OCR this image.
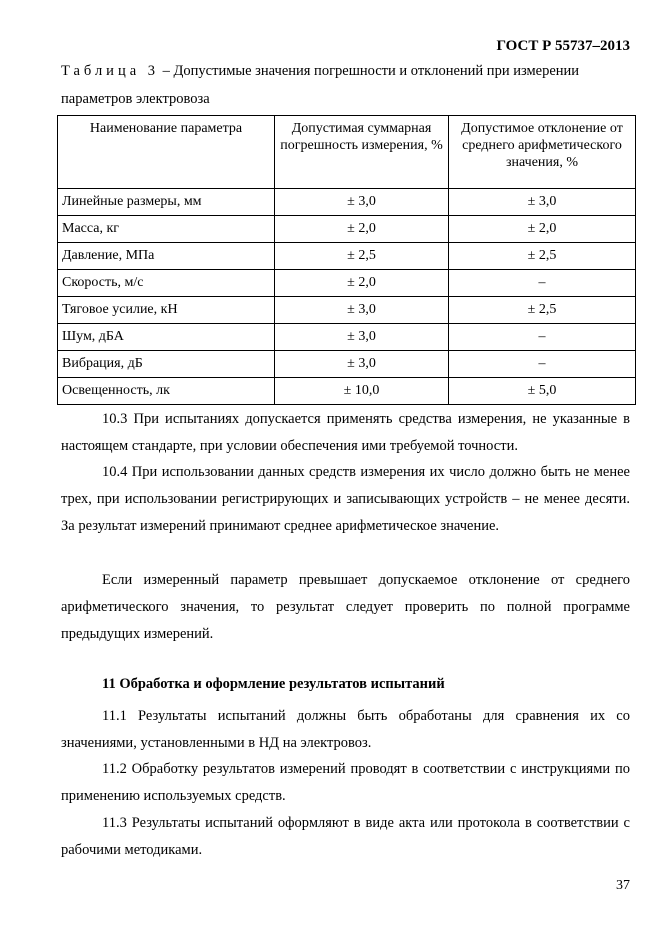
ГОСТ Р 55737–2013
Таблица 3 – Допустимые значения погрешности и отклонений при измерении
параметров электровоза
Наименование параметра	Допустимая суммарная погрешность измерения, %	Допустимое отклонение от среднего арифметического значения, %
Линейные размеры, мм	± 3,0	± 3,0
Масса, кг	± 2,0	± 2,0
Давление, МПа	± 2,5	± 2,5
Скорость, м/с	± 2,0	–
Тяговое усилие, кН	± 3,0	± 2,5
Шум, дБА	± 3,0	–
Вибрация, дБ	± 3,0	–
Освещенность, лк	± 10,0	± 5,0
10.3 При испытаниях допускается применять средства измерения, не указанные в настоящем стандарте, при условии обеспечения ими требуемой точности.
10.4 При использовании данных средств измерения их число должно быть не менее трех, при использовании регистрирующих и записывающих устройств – не менее десяти. За результат измерений принимают среднее арифметическое значение.
Если измеренный параметр превышает допускаемое отклонение от среднего арифметического значения, то результат следует проверить по полной программе предыдущих измерений.
11 Обработка и оформление результатов испытаний
11.1 Результаты испытаний должны быть обработаны для сравнения их со значениями, установленными в НД на электровоз.
11.2 Обработку результатов измерений проводят в соответствии с инструкциями по применению используемых средств.
11.3 Результаты испытаний оформляют в виде акта или протокола в соответствии с рабочими методиками.
37
